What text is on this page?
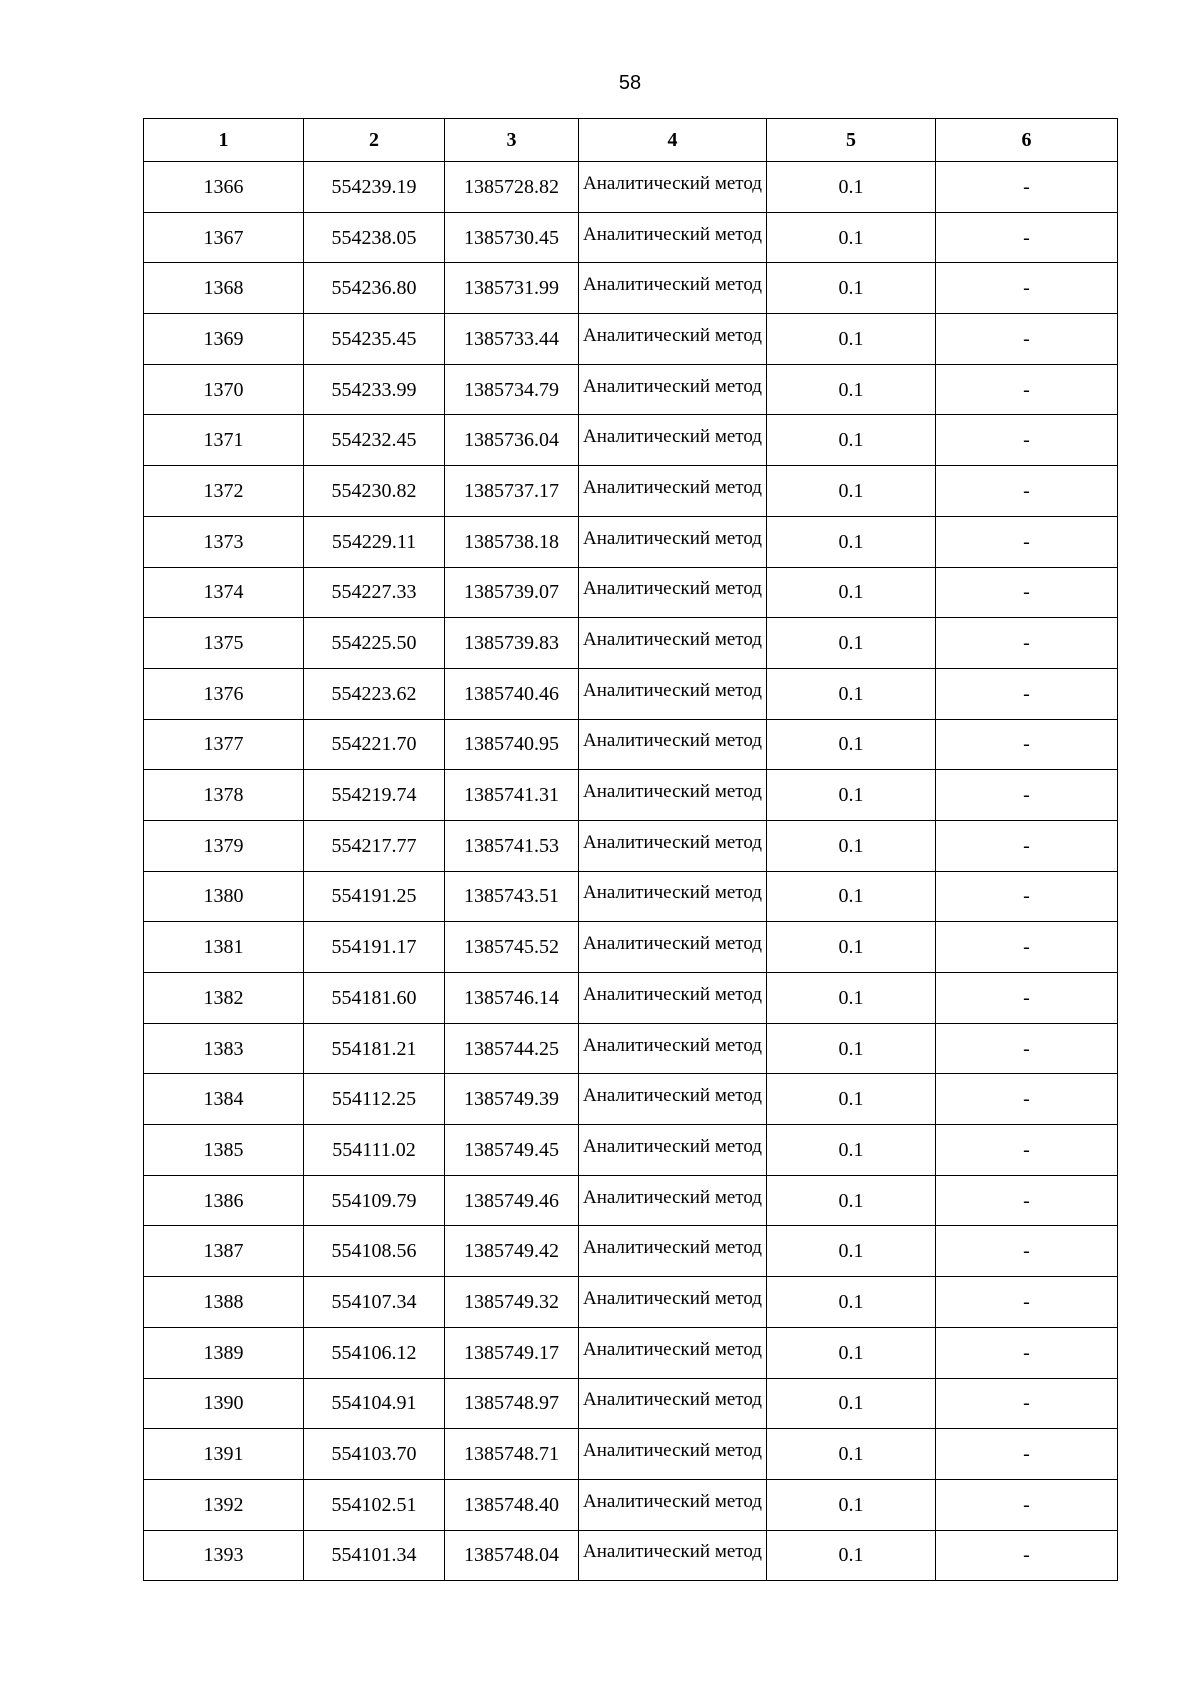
58
1	2	3	4	5	6
1366	554239.19	1385728.82	Аналитический метод	0.1	-
1367	554238.05	1385730.45	Аналитический метод	0.1	-
1368	554236.80	1385731.99	Аналитический метод	0.1	-
1369	554235.45	1385733.44	Аналитический метод	0.1	-
1370	554233.99	1385734.79	Аналитический метод	0.1	-
1371	554232.45	1385736.04	Аналитический метод	0.1	-
1372	554230.82	1385737.17	Аналитический метод	0.1	-
1373	554229.11	1385738.18	Аналитический метод	0.1	-
1374	554227.33	1385739.07	Аналитический метод	0.1	-
1375	554225.50	1385739.83	Аналитический метод	0.1	-
1376	554223.62	1385740.46	Аналитический метод	0.1	-
1377	554221.70	1385740.95	Аналитический метод	0.1	-
1378	554219.74	1385741.31	Аналитический метод	0.1	-
1379	554217.77	1385741.53	Аналитический метод	0.1	-
1380	554191.25	1385743.51	Аналитический метод	0.1	-
1381	554191.17	1385745.52	Аналитический метод	0.1	-
1382	554181.60	1385746.14	Аналитический метод	0.1	-
1383	554181.21	1385744.25	Аналитический метод	0.1	-
1384	554112.25	1385749.39	Аналитический метод	0.1	-
1385	554111.02	1385749.45	Аналитический метод	0.1	-
1386	554109.79	1385749.46	Аналитический метод	0.1	-
1387	554108.56	1385749.42	Аналитический метод	0.1	-
1388	554107.34	1385749.32	Аналитический метод	0.1	-
1389	554106.12	1385749.17	Аналитический метод	0.1	-
1390	554104.91	1385748.97	Аналитический метод	0.1	-
1391	554103.70	1385748.71	Аналитический метод	0.1	-
1392	554102.51	1385748.40	Аналитический метод	0.1	-
1393	554101.34	1385748.04	Аналитический метод	0.1	-
